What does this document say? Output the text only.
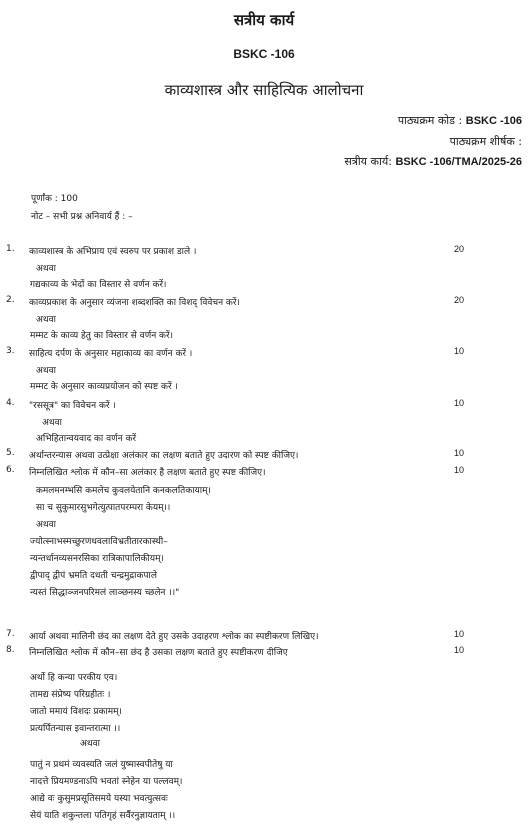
सत्रीय कार्य
BSKC -106
काव्यशास्त्र और साहित्यिक आलोचना
पाठ्यक्रम कोड : BSKC -106
पाठ्यक्रम शीर्षक :
सत्रीय कार्य: BSKC -106/TMA/2025-26
पूर्णांक : 100
नोट – सभी प्रश्न अनिवार्य हैं : –
1. काव्यशास्त्र के अभिप्राय एवं स्वरुप पर प्रकाश डाले ।	20
अथवा
गद्यकाव्य के भेदों का विस्तार से वर्णन करें।
2. काव्यप्रकाश के अनुसार व्यंजना शब्दशक्ति का विशद् विवेचन करें।	20
अथवा
मम्मट के काव्य हेतु का विस्तार से वर्णन करें।
3. साहित्य दर्पण के अनुसार महाकाव्य का वर्णन करें ।	10
अथवा
मम्मट के अनुसार काव्यप्रयोजन को स्पष्ट करें ।
4. "रससूत्र" का विवेचन करें ।	10
अथवा
अभिहितान्वयवाद का वर्णन करें
5. अर्थान्तरन्यास अथवा उत्प्रेक्षा अलंकार का लक्षण बताते हुए उदारण को स्पष्ट कीजिए।	10
6. निम्नलिखित श्लोक में कौन–सा अलंकार है लक्षण बताते हुए स्पष्ट कीजिए।	10
कमलमनम्भसि कमलेच कुवलयेतानि कनकलतिकायाम्।
सा च सुकुमारसुभगेत्युत्पातपरम्परा केयम्।।
अथवा
ज्योत्स्नाभस्मच्छुरणधवलाविभ्रतीतारकास्थी–
न्यन्तर्धानव्यसनरसिका रात्रिकापालिकीयम्।
द्वीपाद् द्वीपं भ्रमति दधती चन्द्रमुद्राकपाले
न्यस्तं सिद्धाञ्जनपरिमलं लाञ्छनस्य च्छलेन ।।"
7. आर्या अथवा मालिनी छंद का लक्षण देते हुए उसके उदाहरण श्लोक का स्पष्टीकरण लिखिए।	10
8. निम्नलिखित श्लोक में कौन–सा छंद है उसका लक्षण बताते हुए स्पष्टीकरण दीजिए	10
अर्थो हि कन्या परकीय एव।
तामद्य संप्रेष्य परिग्रहीतः ।
जातो ममायं विशदः प्रकामम्।
प्रत्यर्पितन्यास इवान्तरात्मा ।।
अथवा
पातुं न प्रथमं व्यवस्यति जलं युष्मास्वपीतेषु या
नादत्ते प्रियमण्डनाऽपि भवतां स्नेहेन या पल्लवम्।
आद्ये वः कुसुमप्रसूतिसमये यस्या भवत्युत्सवः
सेयं याति शकुन्तला पतिगृहं सर्वैरनुज्ञायताम् ।।
